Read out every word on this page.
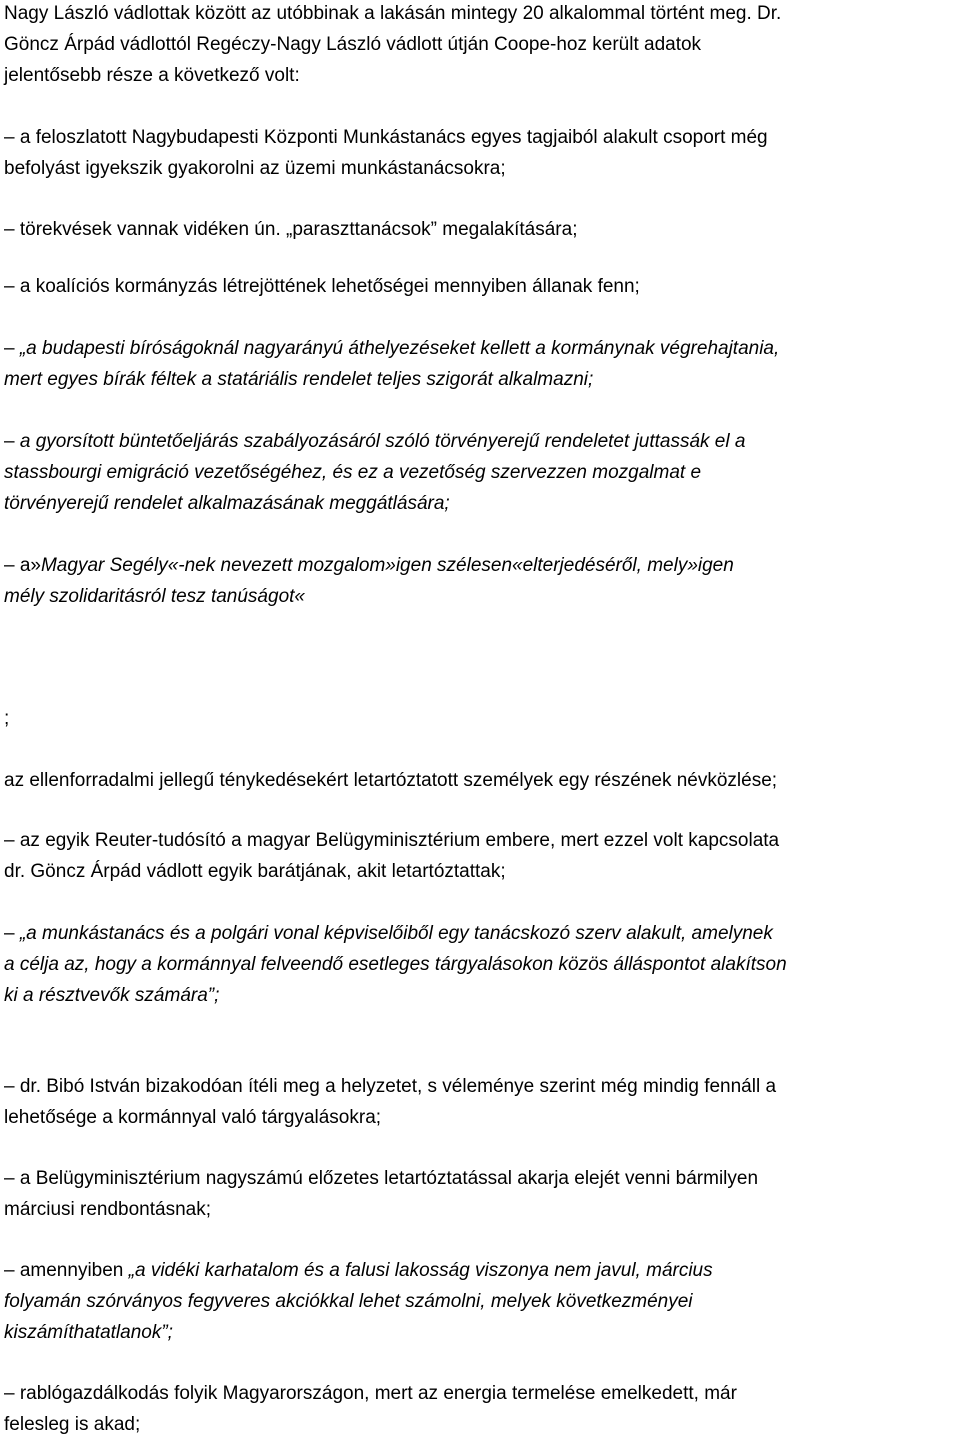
Nagy László vádlottak között az utóbbinak a lakásán mintegy 20 alkalommal történt meg. Dr.
Göncz Árpád vádlottól Regéczy-Nagy László vádlott útján Coope-hoz került adatok
jelentősebb része a következő volt:
– a feloszlatott Nagybudapesti Központi Munkástanács egyes tagjaiból alakult csoport még
befolyást igyekszik gyakorolni az üzemi munkástanácsokra;
– törekvések vannak vidéken ún. „paraszttanácsok” megalakítására;
– a koalíciós kormányzás létrejöttének lehetőségei mennyiben állanak fenn;
– „a budapesti bíróságoknál nagyarányú áthelyezéseket kellett a kormánynak végrehajtania,
mert egyes bírák féltek a statáriális rendelet teljes szigorát alkalmazni;
– a gyorsított büntetőeljárás szabályozásáról szóló törvényerejű rendeletet juttassák el a
stassbourgi emigráció vezetőségéhez, és ez a vezetőség szervezzen mozgalmat e
törvényerejű rendelet alkalmazásának meggátlására;
– a»Magyar Segély«-nek nevezett mozgalom»igen szélesen«elterjedéséről, mely»igen
mély szolidaritásról tesz tanúságot«
;
az ellenforradalmi jellegű ténykedésekért letartóztatott személyek egy részének névközlése;
– az egyik Reuter-tudósító a magyar Belügyminisztérium embere, mert ezzel volt kapcsolata
dr. Göncz Árpád vádlott egyik barátjának, akit letartóztattak;
– „a munkástanács és a polgári vonal képviselőiből egy tanácskozó szerv alakult, amelynek
a célja az, hogy a kormánnyal felveendő esetleges tárgyalásokon közös álláspontot alakítson
ki a résztvevők számára”;
– dr. Bibó István bizakodóan ítéli meg a helyzetet, s véleménye szerint még mindig fennáll a
lehetősége a kormánnyal való tárgyalásokra;
– a Belügyminisztérium nagyszámú előzetes letartóztatással akarja elejét venni bármilyen
márciusi rendbontásnak;
– amennyiben „a vidéki karhatalom és a falusi lakosság viszonya nem javul, március
folyamán szórványos fegyveres akciókkal lehet számolni, melyek következményei
kiszámíthatatlanok”;
– rablógazdálkodás folyik Magyarországon, mert az energia termelése emelkedett, már
felesleg is akad;
